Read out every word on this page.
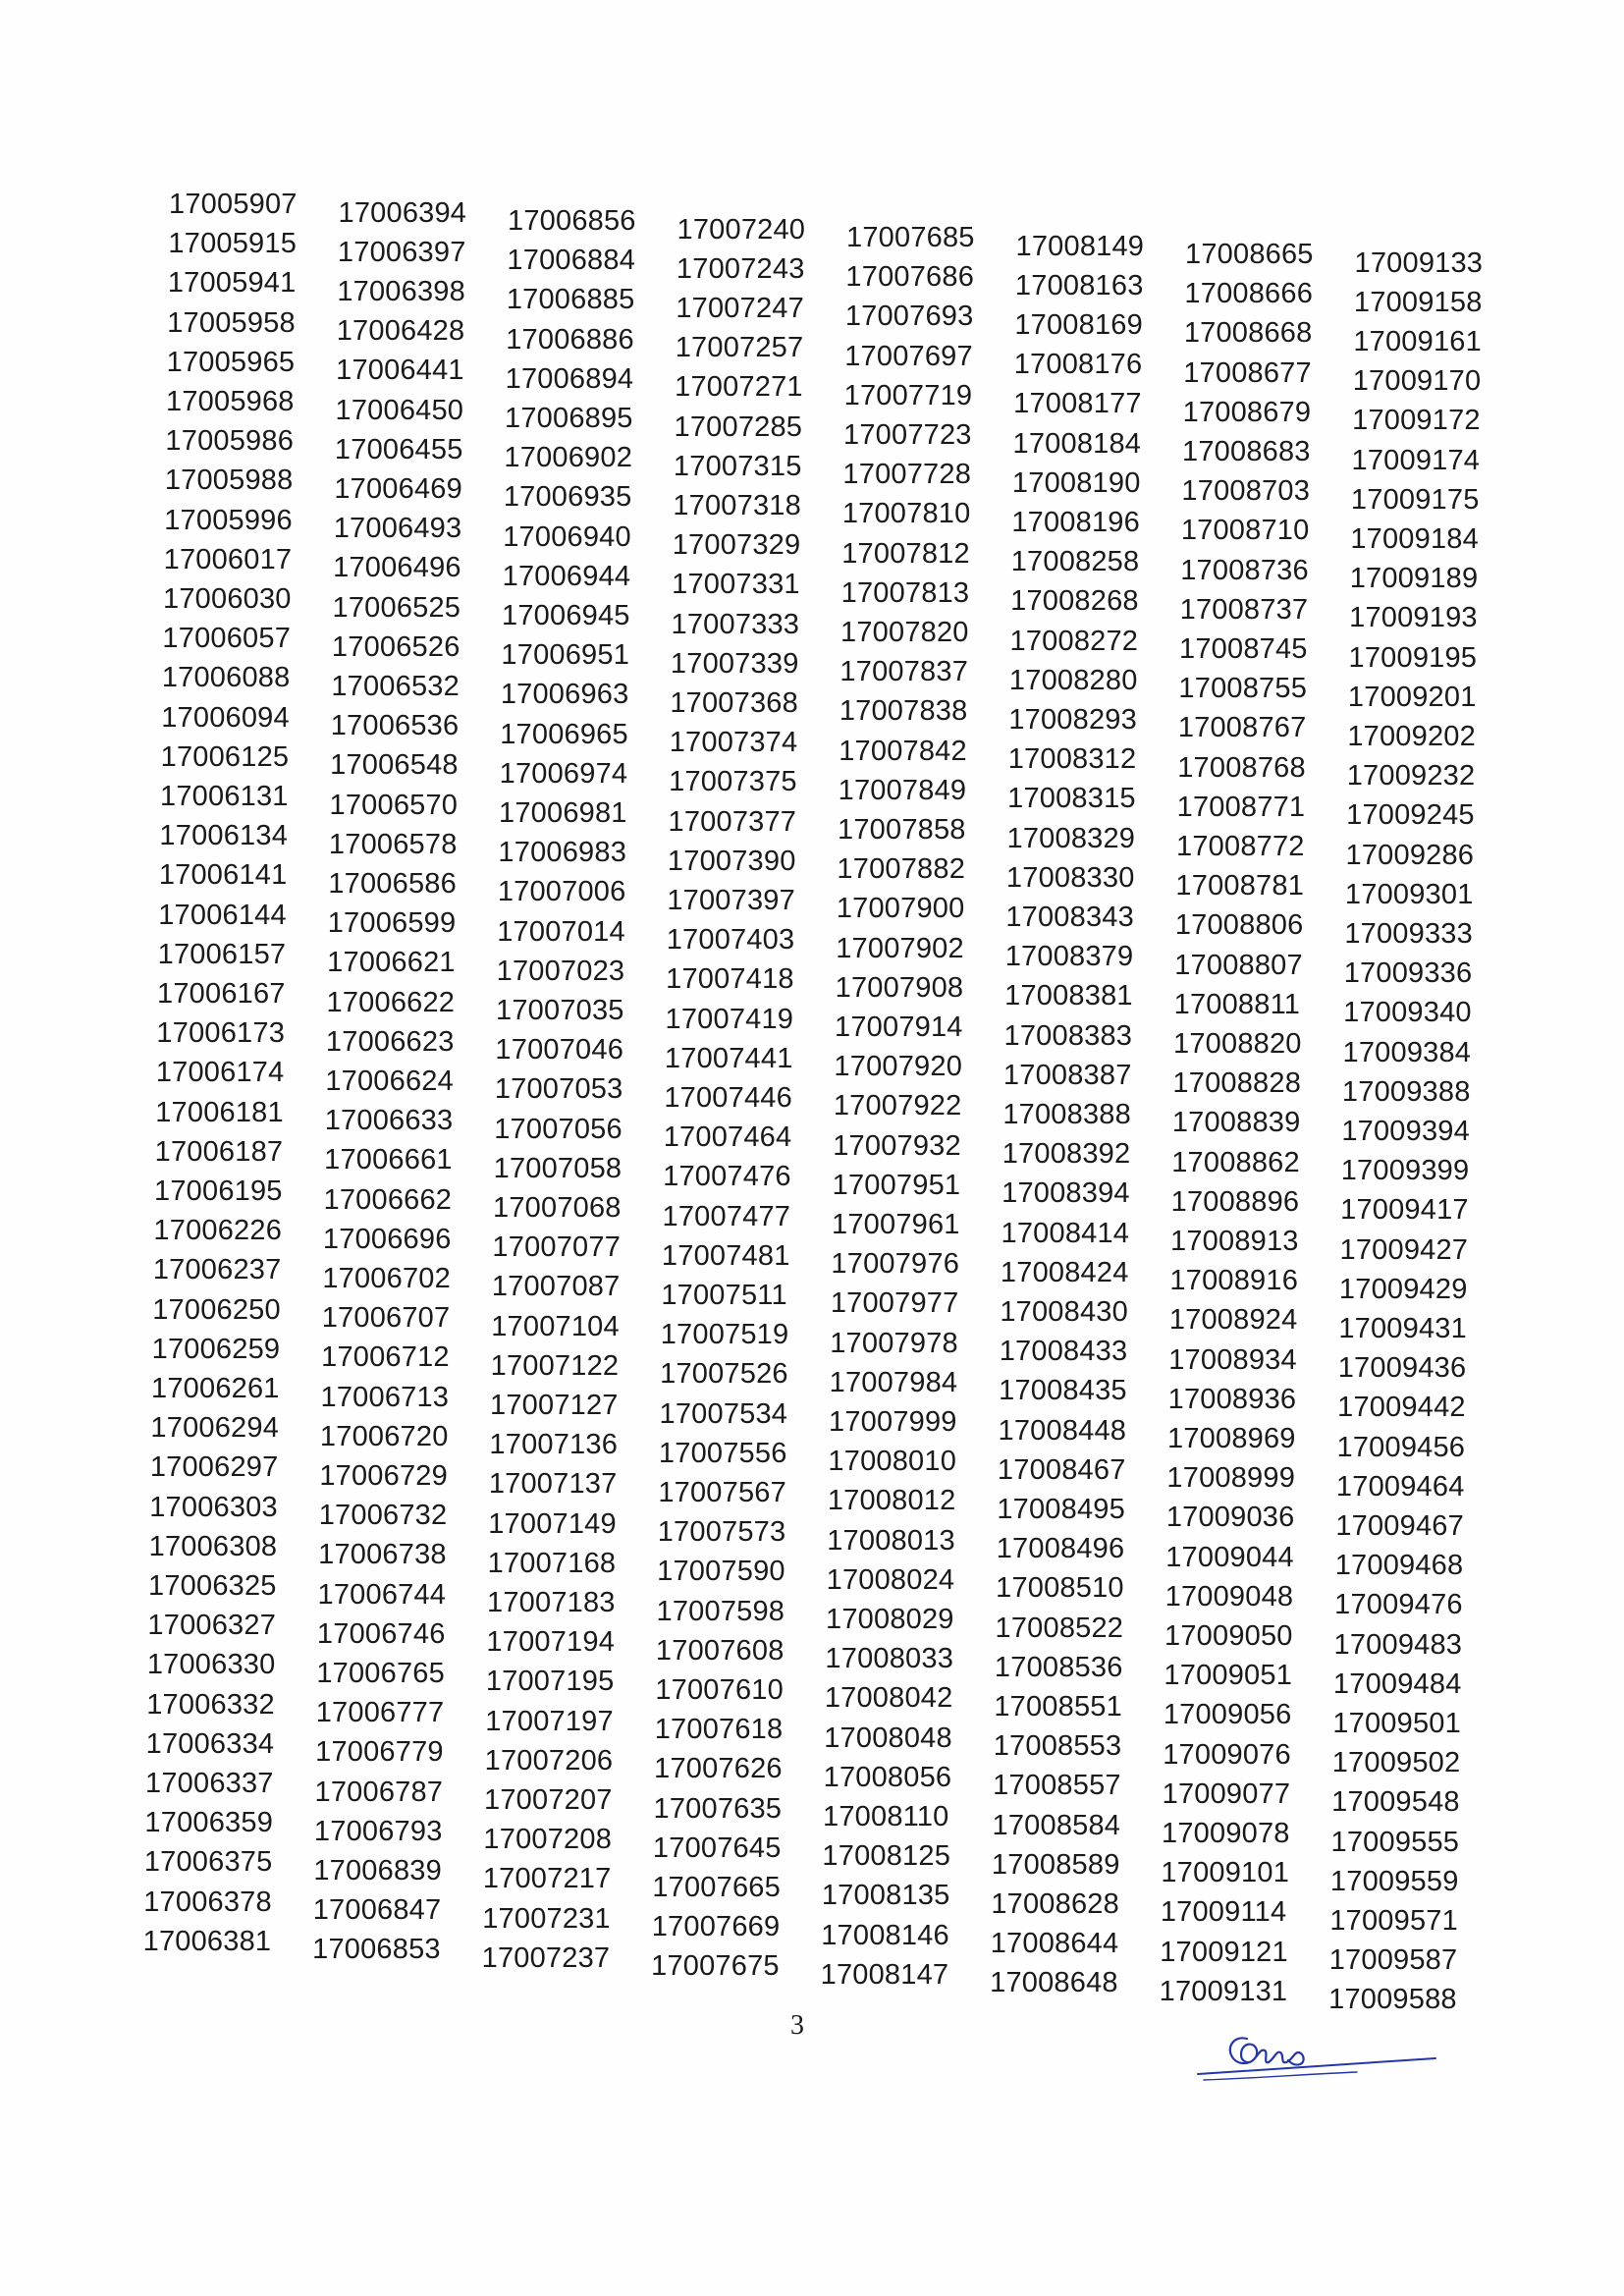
17005907
17005915
17005941
17005958
17005965
17005968
17005986
17005988
17005996
17006017
17006030
17006057
17006088
17006094
17006125
17006131
17006134
17006141
17006144
17006157
17006167
17006173
17006174
17006181
17006187
17006195
17006226
17006237
17006250
17006259
17006261
17006294
17006297
17006303
17006308
17006325
17006327
17006330
17006332
17006334
17006337
17006359
17006375
17006378
17006381
17006394
17006397
17006398
17006428
17006441
17006450
17006455
17006469
17006493
17006496
17006525
17006526
17006532
17006536
17006548
17006570
17006578
17006586
17006599
17006621
17006622
17006623
17006624
17006633
17006661
17006662
17006696
17006702
17006707
17006712
17006713
17006720
17006729
17006732
17006738
17006744
17006746
17006765
17006777
17006779
17006787
17006793
17006839
17006847
17006853
17006856
17006884
17006885
17006886
17006894
17006895
17006902
17006935
17006940
17006944
17006945
17006951
17006963
17006965
17006974
17006981
17006983
17007006
17007014
17007023
17007035
17007046
17007053
17007056
17007058
17007068
17007077
17007087
17007104
17007122
17007127
17007136
17007137
17007149
17007168
17007183
17007194
17007195
17007197
17007206
17007207
17007208
17007217
17007231
17007237
17007240
17007243
17007247
17007257
17007271
17007285
17007315
17007318
17007329
17007331
17007333
17007339
17007368
17007374
17007375
17007377
17007390
17007397
17007403
17007418
17007419
17007441
17007446
17007464
17007476
17007477
17007481
17007511
17007519
17007526
17007534
17007556
17007567
17007573
17007590
17007598
17007608
17007610
17007618
17007626
17007635
17007645
17007665
17007669
17007675
17007685
17007686
17007693
17007697
17007719
17007723
17007728
17007810
17007812
17007813
17007820
17007837
17007838
17007842
17007849
17007858
17007882
17007900
17007902
17007908
17007914
17007920
17007922
17007932
17007951
17007961
17007976
17007977
17007978
17007984
17007999
17008010
17008012
17008013
17008024
17008029
17008033
17008042
17008048
17008056
17008110
17008125
17008135
17008146
17008147
17008149
17008163
17008169
17008176
17008177
17008184
17008190
17008196
17008258
17008268
17008272
17008280
17008293
17008312
17008315
17008329
17008330
17008343
17008379
17008381
17008383
17008387
17008388
17008392
17008394
17008414
17008424
17008430
17008433
17008435
17008448
17008467
17008495
17008496
17008510
17008522
17008536
17008551
17008553
17008557
17008584
17008589
17008628
17008644
17008648
17008665
17008666
17008668
17008677
17008679
17008683
17008703
17008710
17008736
17008737
17008745
17008755
17008767
17008768
17008771
17008772
17008781
17008806
17008807
17008811
17008820
17008828
17008839
17008862
17008896
17008913
17008916
17008924
17008934
17008936
17008969
17008999
17009036
17009044
17009048
17009050
17009051
17009056
17009076
17009077
17009078
17009101
17009114
17009121
17009131
17009133
17009158
17009161
17009170
17009172
17009174
17009175
17009184
17009189
17009193
17009195
17009201
17009202
17009232
17009245
17009286
17009301
17009333
17009336
17009340
17009384
17009388
17009394
17009399
17009417
17009427
17009429
17009431
17009436
17009442
17009456
17009464
17009467
17009468
17009476
17009483
17009484
17009501
17009502
17009548
17009555
17009559
17009571
17009587
17009588
3
